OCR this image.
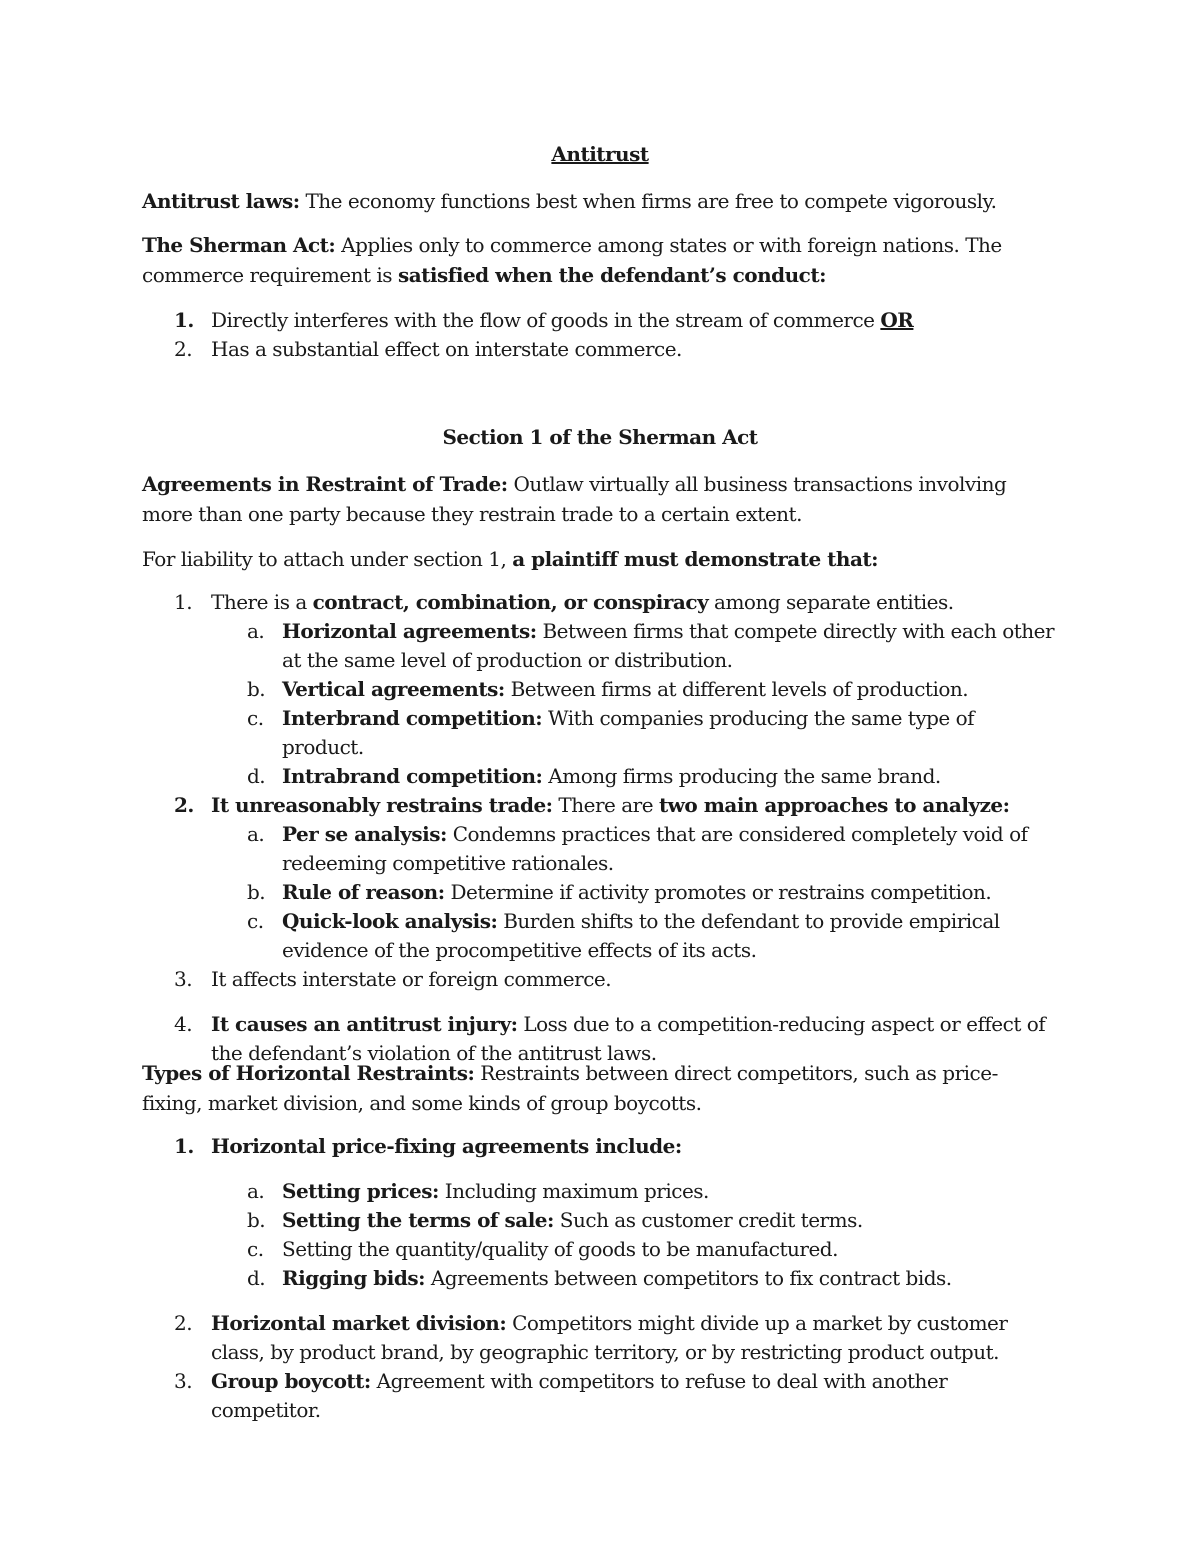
Antitrust
Antitrust laws: The economy functions best when firms are free to compete vigorously.
The Sherman Act: Applies only to commerce among states or with foreign nations. The commerce requirement is satisfied when the defendant’s conduct:
1. Directly interferes with the flow of goods in the stream of commerce OR
2. Has a substantial effect on interstate commerce.
Section 1 of the Sherman Act
Agreements in Restraint of Trade: Outlaw virtually all business transactions involving more than one party because they restrain trade to a certain extent.
For liability to attach under section 1, a plaintiff must demonstrate that:
1. There is a contract, combination, or conspiracy among separate entities.
a. Horizontal agreements: Between firms that compete directly with each other at the same level of production or distribution.
b. Vertical agreements: Between firms at different levels of production.
c. Interbrand competition: With companies producing the same type of product.
d. Intrabrand competition: Among firms producing the same brand.
2. It unreasonably restrains trade: There are two main approaches to analyze:
a. Per se analysis: Condemns practices that are considered completely void of redeeming competitive rationales.
b. Rule of reason: Determine if activity promotes or restrains competition.
c. Quick-look analysis: Burden shifts to the defendant to provide empirical evidence of the procompetitive effects of its acts.
3. It affects interstate or foreign commerce.
4. It causes an antitrust injury: Loss due to a competition-reducing aspect or effect of the defendant’s violation of the antitrust laws.
Types of Horizontal Restraints: Restraints between direct competitors, such as price-fixing, market division, and some kinds of group boycotts.
1. Horizontal price-fixing agreements include:
a. Setting prices: Including maximum prices.
b. Setting the terms of sale: Such as customer credit terms.
c. Setting the quantity/quality of goods to be manufactured.
d. Rigging bids: Agreements between competitors to fix contract bids.
2. Horizontal market division: Competitors might divide up a market by customer class, by product brand, by geographic territory, or by restricting product output.
3. Group boycott: Agreement with competitors to refuse to deal with another competitor.
